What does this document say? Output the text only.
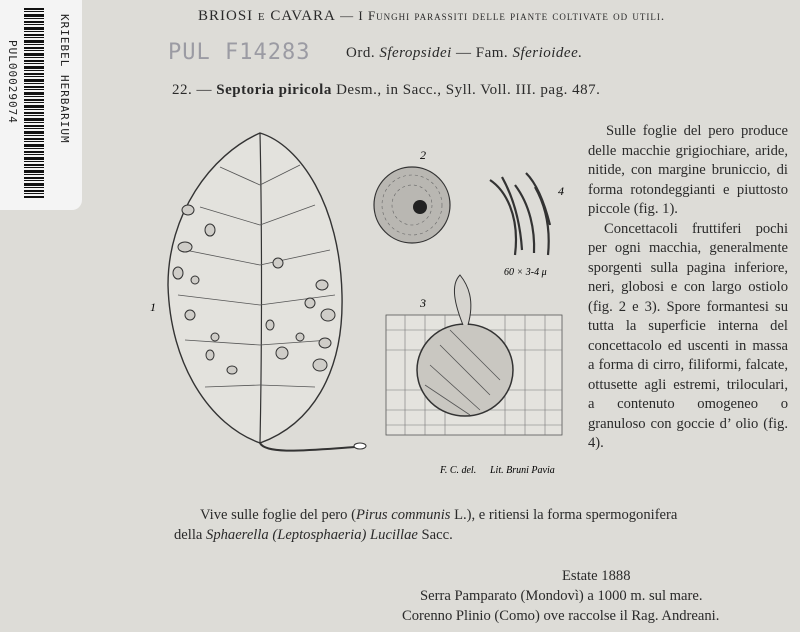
KRIEBEL HERBARIUM
PUL00029074
BRIOSI e CAVARA — I Funghi parassiti delle piante coltivate od utili.
PUL F14283 Ord. Sferopsidei — Fam. Sferioidee.
22. — Septoria piricola Desm., in Sacc., Syll. Voll. III. pag. 487.
1
2
4
60 × 3-4 μ
3
F. C. del. Lit. Bruni Pavia

Sulle foglie del pero produce delle macchie grigiochiare, aride, nitide, con margine bruniccio, di forma rotondeggianti e piuttosto piccole (fig. 1).

Concettacoli fruttiferi pochi per ogni macchia, generalmente sporgenti sulla pagina inferiore, neri, globosi e con largo ostiolo (fig. 2 e 3). Spore formantesi su tutta la superficie interna del concettacolo ed uscenti in massa a forma di cirro, filiformi, falcate, ottusette agli estremi, triloculari, a contenuto omogeneo o granuloso con goccie d’ olio (fig. 4).

Vive sulle foglie del pero (Pirus communis L.), e ritiensi la forma spermogonifera
della Sphaerella (Leptosphaeria) Lucillae Sacc.
Estate 1888
Serra Pamparato (Mondovì) a 1000 m. sul mare.
Corenno Plinio (Como) ove raccolse il Rag. Andreani.
